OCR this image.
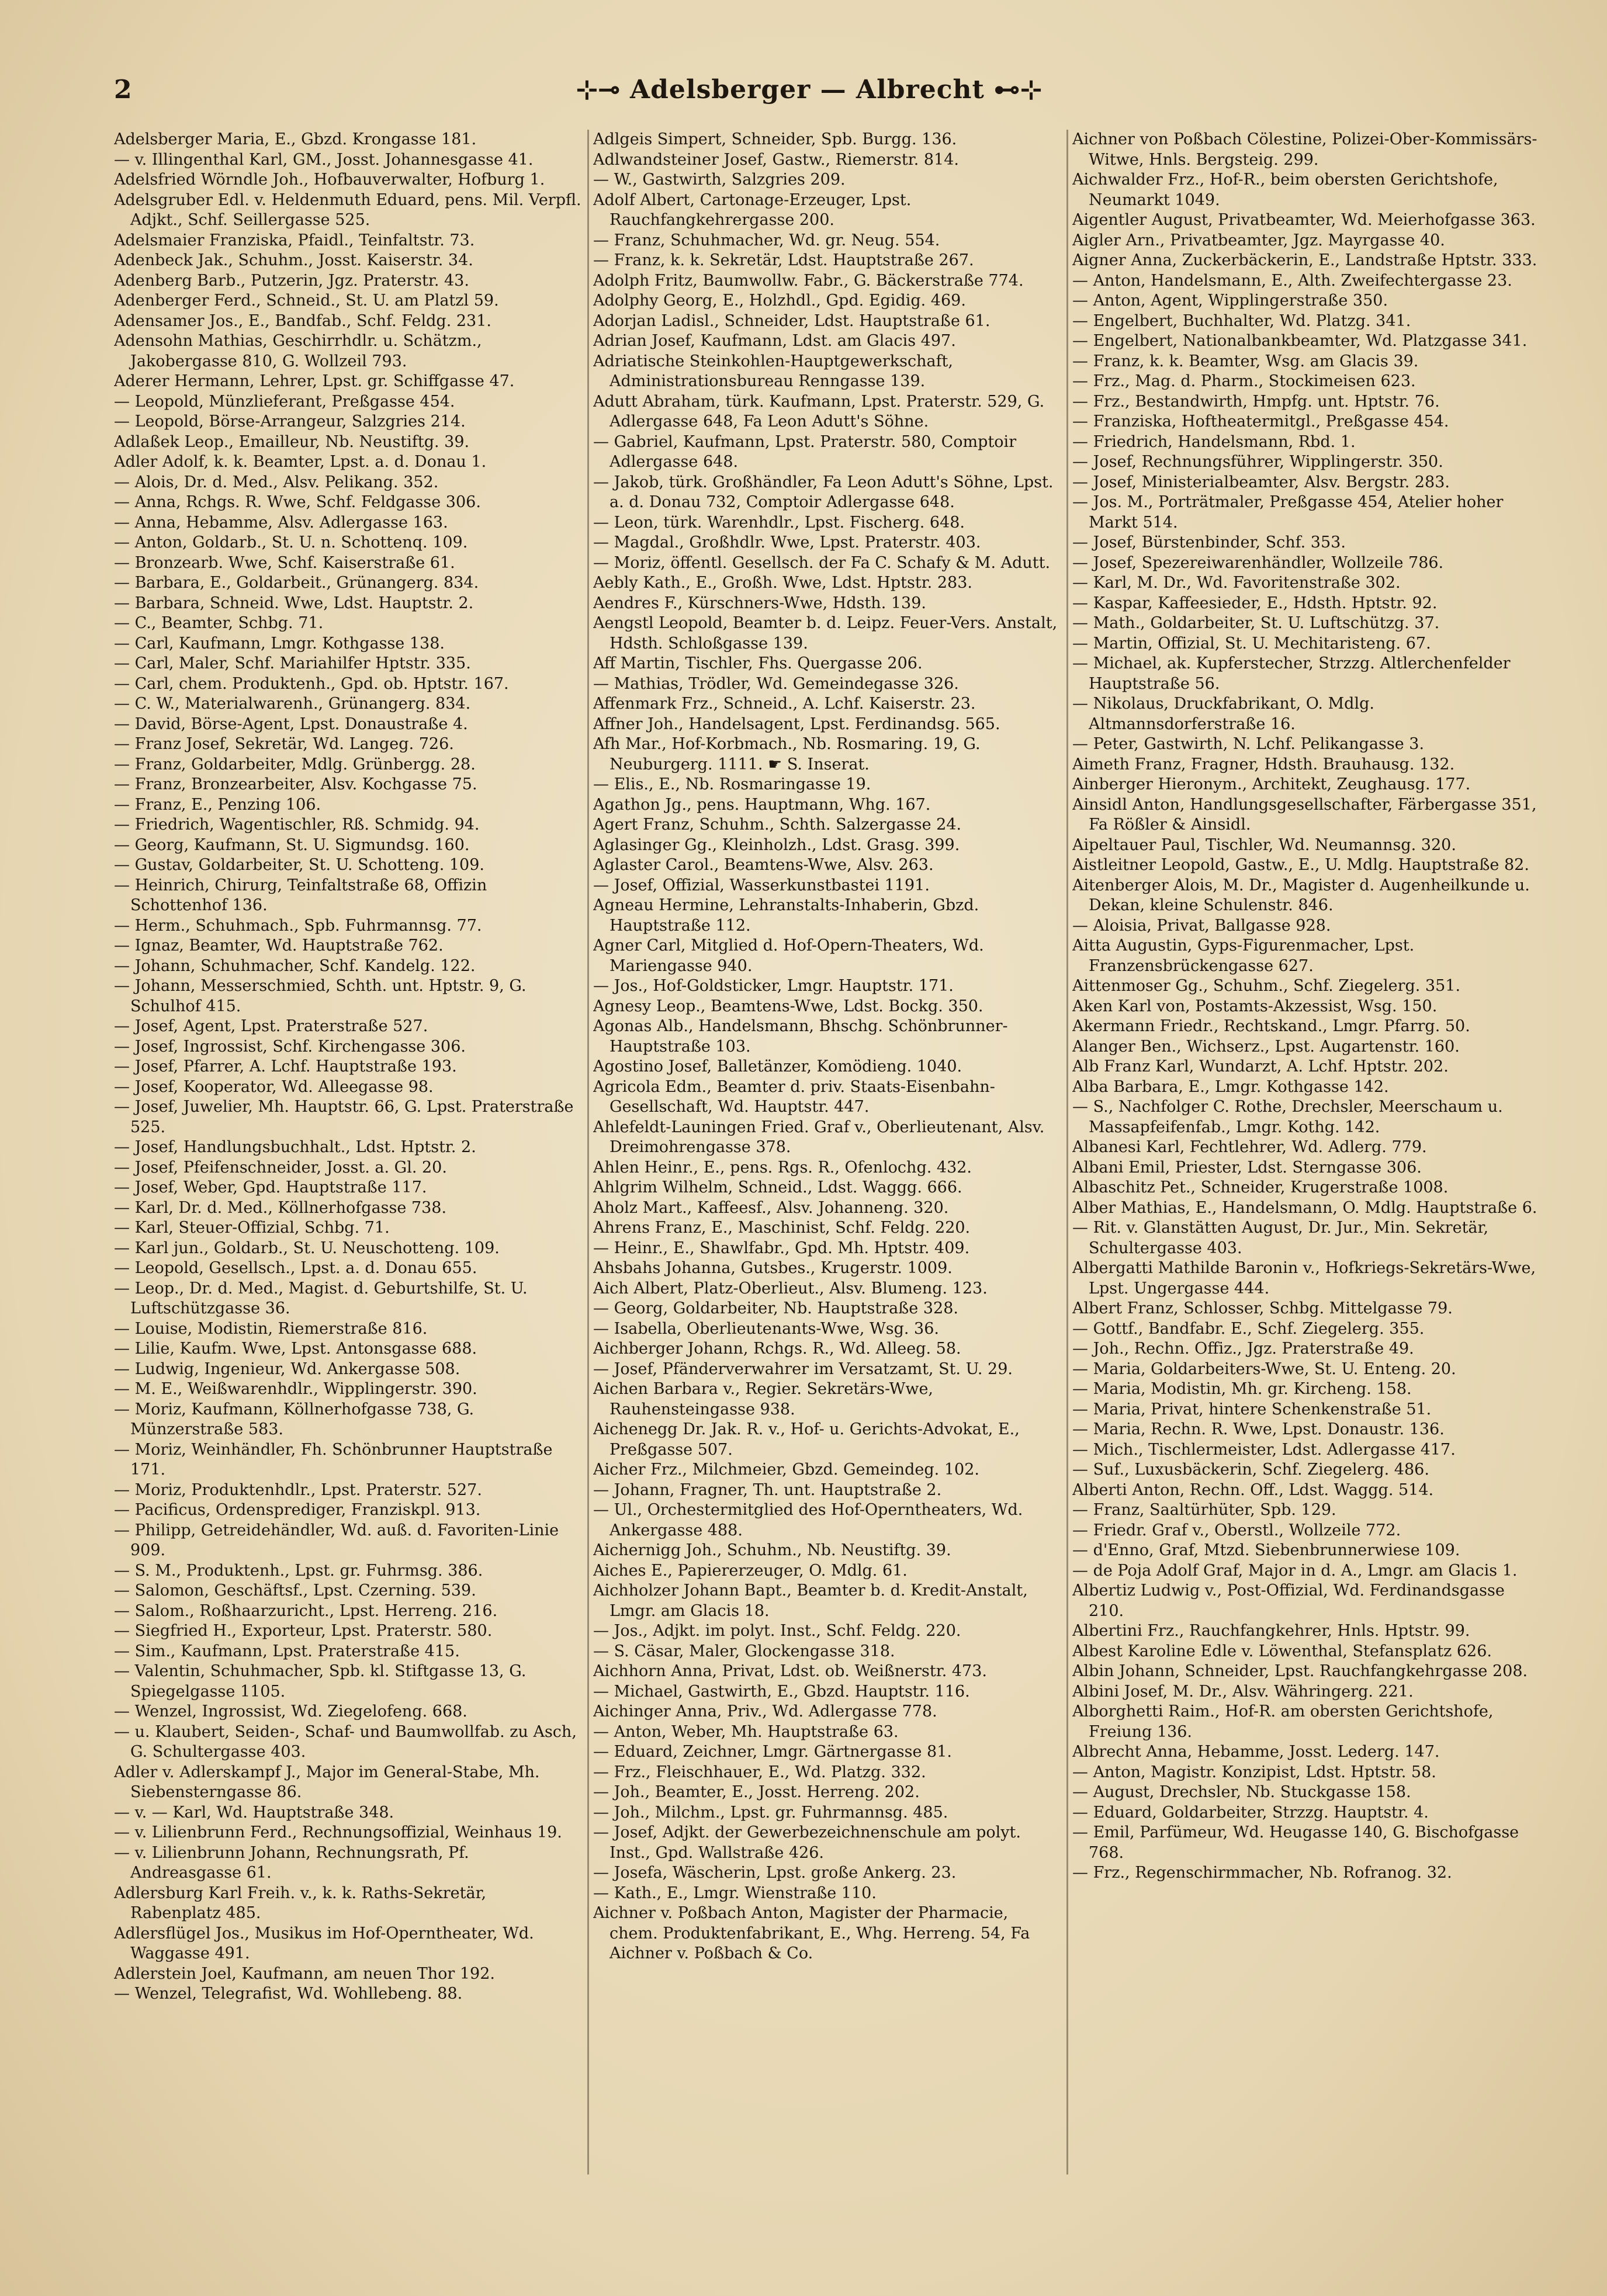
2	⊹⊸ Adelsberger — Albrecht ⊷⊹

Adelsberger Maria, E., Gbzd. Krongasse 181.

— v. Illingenthal Karl, GM., Josst. Johannesgasse 41.

Adelsfried Wörndle Joh., Hofbauverwalter, Hofburg 1.

Adelsgruber Edl. v. Heldenmuth Eduard, pens. Mil. Verpfl. Adjkt., Schf. Seillergasse 525.

Adelsmaier Franziska, Pfaidl., Teinfaltstr. 73.

Adenbeck Jak., Schuhm., Josst. Kaiserstr. 34.

Adenberg Barb., Putzerin, Jgz. Praterstr. 43.

Adenberger Ferd., Schneid., St. U. am Platzl 59.

Adensamer Jos., E., Bandfab., Schf. Feldg. 231.

Adensohn Mathias, Geschirrhdlr. u. Schätzm., Jakobergasse 810, G. Wollzeil 793.

Aderer Hermann, Lehrer, Lpst. gr. Schiffgasse 47.

— Leopold, Münzlieferant, Preßgasse 454.

— Leopold, Börse-Arrangeur, Salzgries 214.

Adlaßek Leop., Emailleur, Nb. Neustiftg. 39.

Adler Adolf, k. k. Beamter, Lpst. a. d. Donau 1.

— Alois, Dr. d. Med., Alsv. Pelikang. 352.

— Anna, Rchgs. R. Wwe, Schf. Feldgasse 306.

— Anna, Hebamme, Alsv. Adlergasse 163.

— Anton, Goldarb., St. U. n. Schottenq. 109.

— Bronzearb. Wwe, Schf. Kaiserstraße 61.

— Barbara, E., Goldarbeit., Grünangerg. 834.

— Barbara, Schneid. Wwe, Ldst. Hauptstr. 2.

— C., Beamter, Schbg. 71.

— Carl, Kaufmann, Lmgr. Kothgasse 138.

— Carl, Maler, Schf. Mariahilfer Hptstr. 335.

— Carl, chem. Produktenh., Gpd. ob. Hptstr. 167.

— C. W., Materialwarenh., Grünangerg. 834.

— David, Börse-Agent, Lpst. Donaustraße 4.

— Franz Josef, Sekretär, Wd. Langeg. 726.

— Franz, Goldarbeiter, Mdlg. Grünbergg. 28.

— Franz, Bronzearbeiter, Alsv. Kochgasse 75.

— Franz, E., Penzing 106.

— Friedrich, Wagentischler, Rß. Schmidg. 94.

— Georg, Kaufmann, St. U. Sigmundsg. 160.

— Gustav, Goldarbeiter, St. U. Schotteng. 109.

— Heinrich, Chirurg, Teinfaltstraße 68, Offizin Schottenhof 136.

— Herm., Schuhmach., Spb. Fuhrmannsg. 77.

— Ignaz, Beamter, Wd. Hauptstraße 762.

— Johann, Schuhmacher, Schf. Kandelg. 122.

— Johann, Messerschmied, Schth. unt. Hptstr. 9, G. Schulhof 415.

— Josef, Agent, Lpst. Praterstraße 527.

— Josef, Ingrossist, Schf. Kirchengasse 306.

— Josef, Pfarrer, A. Lchf. Hauptstraße 193.

— Josef, Kooperator, Wd. Alleegasse 98.

— Josef, Juwelier, Mh. Hauptstr. 66, G. Lpst. Praterstraße 525.

— Josef, Handlungsbuchhalt., Ldst. Hptstr. 2.

— Josef, Pfeifenschneider, Josst. a. Gl. 20.

— Josef, Weber, Gpd. Hauptstraße 117.

— Karl, Dr. d. Med., Köllnerhofgasse 738.

— Karl, Steuer-Offizial, Schbg. 71.

— Karl jun., Goldarb., St. U. Neuschotteng. 109.

— Leopold, Gesellsch., Lpst. a. d. Donau 655.

— Leop., Dr. d. Med., Magist. d. Geburtshilfe, St. U. Luftschützgasse 36.

— Louise, Modistin, Riemerstraße 816.

— Lilie, Kaufm. Wwe, Lpst. Antonsgasse 688.

— Ludwig, Ingenieur, Wd. Ankergasse 508.

— M. E., Weißwarenhdlr., Wipplingerstr. 390.

— Moriz, Kaufmann, Köllnerhofgasse 738, G. Münzerstraße 583.

— Moriz, Weinhändler, Fh. Schönbrunner Hauptstraße 171.

— Moriz, Produktenhdlr., Lpst. Praterstr. 527.

— Pacificus, Ordensprediger, Franziskpl. 913.

— Philipp, Getreidehändler, Wd. auß. d. Favoriten-Linie 909.

— S. M., Produktenh., Lpst. gr. Fuhrmsg. 386.

— Salomon, Geschäftsf., Lpst. Czerning. 539.

— Salom., Roßhaarzuricht., Lpst. Herreng. 216.

— Siegfried H., Exporteur, Lpst. Praterstr. 580.

— Sim., Kaufmann, Lpst. Praterstraße 415.

— Valentin, Schuhmacher, Spb. kl. Stiftgasse 13, G. Spiegelgasse 1105.

— Wenzel, Ingrossist, Wd. Ziegelofeng. 668.

— u. Klaubert, Seiden-, Schaf- und Baumwollfab. zu Asch, G. Schultergasse 403.

Adler v. Adlerskampf J., Major im General-Stabe, Mh. Siebensterngasse 86.

— v. — Karl, Wd. Hauptstraße 348.

— v. Lilienbrunn Ferd., Rechnungsoffizial, Weinhaus 19.

— v. Lilienbrunn Johann, Rechnungsrath, Pf. Andreasgasse 61.

Adlersburg Karl Freih. v., k. k. Raths-Sekretär, Rabenplatz 485.

Adlersflügel Jos., Musikus im Hof-Operntheater, Wd. Waggasse 491.

Adlerstein Joel, Kaufmann, am neuen Thor 192.

— Wenzel, Telegrafist, Wd. Wohllebeng. 88.

Adlgeis Simpert, Schneider, Spb. Burgg. 136.

Adlwandsteiner Josef, Gastw., Riemerstr. 814.

— W., Gastwirth, Salzgries 209.

Adolf Albert, Cartonage-Erzeuger, Lpst. Rauchfangkehrergasse 200.

— Franz, Schuhmacher, Wd. gr. Neug. 554.

— Franz, k. k. Sekretär, Ldst. Hauptstraße 267.

Adolph Fritz, Baumwollw. Fabr., G. Bäckerstraße 774.

Adolphy Georg, E., Holzhdl., Gpd. Egidig. 469.

Adorjan Ladisl., Schneider, Ldst. Hauptstraße 61.

Adrian Josef, Kaufmann, Ldst. am Glacis 497.

Adriatische Steinkohlen-Hauptgewerkschaft, Administrationsbureau Renngasse 139.

Adutt Abraham, türk. Kaufmann, Lpst. Praterstr. 529, G. Adlergasse 648, Fa Leon Adutt's Söhne.

— Gabriel, Kaufmann, Lpst. Praterstr. 580, Comptoir Adlergasse 648.

— Jakob, türk. Großhändler, Fa Leon Adutt's Söhne, Lpst. a. d. Donau 732, Comptoir Adlergasse 648.

— Leon, türk. Warenhdlr., Lpst. Fischerg. 648.

— Magdal., Großhdlr. Wwe, Lpst. Praterstr. 403.

— Moriz, öffentl. Gesellsch. der Fa C. Schafy & M. Adutt.

Aebly Kath., E., Großh. Wwe, Ldst. Hptstr. 283.

Aendres F., Kürschners-Wwe, Hdsth. 139.

Aengstl Leopold, Beamter b. d. Leipz. Feuer-Vers. Anstalt, Hdsth. Schloßgasse 139.

Aff Martin, Tischler, Fhs. Quergasse 206.

— Mathias, Trödler, Wd. Gemeindegasse 326.

Affenmark Frz., Schneid., A. Lchf. Kaiserstr. 23.

Affner Joh., Handelsagent, Lpst. Ferdinandsg. 565.

Afh Mar., Hof-Korbmach., Nb. Rosmaring. 19, G. Neuburgerg. 1111. ☛ S. Inserat.

— Elis., E., Nb. Rosmaringasse 19.

Agathon Jg., pens. Hauptmann, Whg. 167.

Agert Franz, Schuhm., Schth. Salzergasse 24.

Aglasinger Gg., Kleinholzh., Ldst. Grasg. 399.

Aglaster Carol., Beamtens-Wwe, Alsv. 263.

— Josef, Offizial, Wasserkunstbastei 1191.

Agneau Hermine, Lehranstalts-Inhaberin, Gbzd. Hauptstraße 112.

Agner Carl, Mitglied d. Hof-Opern-Theaters, Wd. Mariengasse 940.

— Jos., Hof-Goldsticker, Lmgr. Hauptstr. 171.

Agnesy Leop., Beamtens-Wwe, Ldst. Bockg. 350.

Agonas Alb., Handelsmann, Bhschg. Schönbrunner-Hauptstraße 103.

Agostino Josef, Balletänzer, Komödieng. 1040.

Agricola Edm., Beamter d. priv. Staats-Eisenbahn-Gesellschaft, Wd. Hauptstr. 447.

Ahlefeldt-Launingen Fried. Graf v., Oberlieutenant, Alsv. Dreimohrengasse 378.

Ahlen Heinr., E., pens. Rgs. R., Ofenlochg. 432.

Ahlgrim Wilhelm, Schneid., Ldst. Waggg. 666.

Aholz Mart., Kaffeesf., Alsv. Johanneng. 320.

Ahrens Franz, E., Maschinist, Schf. Feldg. 220.

— Heinr., E., Shawlfabr., Gpd. Mh. Hptstr. 409.

Ahsbahs Johanna, Gutsbes., Krugerstr. 1009.

Aich Albert, Platz-Oberlieut., Alsv. Blumeng. 123.

— Georg, Goldarbeiter, Nb. Hauptstraße 328.

— Isabella, Oberlieutenants-Wwe, Wsg. 36.

Aichberger Johann, Rchgs. R., Wd. Alleeg. 58.

— Josef, Pfänderverwahrer im Versatzamt, St. U. 29.

Aichen Barbara v., Regier. Sekretärs-Wwe, Rauhensteingasse 938.

Aichenegg Dr. Jak. R. v., Hof- u. Gerichts-Advokat, E., Preßgasse 507.

Aicher Frz., Milchmeier, Gbzd. Gemeindeg. 102.

— Johann, Fragner, Th. unt. Hauptstraße 2.

— Ul., Orchestermitglied des Hof-Operntheaters, Wd. Ankergasse 488.

Aichernigg Joh., Schuhm., Nb. Neustiftg. 39.

Aiches E., Papiererzeuger, O. Mdlg. 61.

Aichholzer Johann Bapt., Beamter b. d. Kredit-Anstalt, Lmgr. am Glacis 18.

— Jos., Adjkt. im polyt. Inst., Schf. Feldg. 220.

— S. Cäsar, Maler, Glockengasse 318.

Aichhorn Anna, Privat, Ldst. ob. Weißnerstr. 473.

— Michael, Gastwirth, E., Gbzd. Hauptstr. 116.

Aichinger Anna, Priv., Wd. Adlergasse 778.

— Anton, Weber, Mh. Hauptstraße 63.

— Eduard, Zeichner, Lmgr. Gärtnergasse 81.

— Frz., Fleischhauer, E., Wd. Platzg. 332.

— Joh., Beamter, E., Josst. Herreng. 202.

— Joh., Milchm., Lpst. gr. Fuhrmannsg. 485.

— Josef, Adjkt. der Gewerbezeichnenschule am polyt. Inst., Gpd. Wallstraße 426.

— Josefa, Wäscherin, Lpst. große Ankerg. 23.

— Kath., E., Lmgr. Wienstraße 110.

Aichner v. Poßbach Anton, Magister der Pharmacie, chem. Produktenfabrikant, E., Whg. Herreng. 54, Fa Aichner v. Poßbach & Co.

Aichner von Poßbach Cölestine, Polizei-Ober-Kommissärs-Witwe, Hnls. Bergsteig. 299.

Aichwalder Frz., Hof-R., beim obersten Gerichtshofe, Neumarkt 1049.

Aigentler August, Privatbeamter, Wd. Meierhofgasse 363.

Aigler Arn., Privatbeamter, Jgz. Mayrgasse 40.

Aigner Anna, Zuckerbäckerin, E., Landstraße Hptstr. 333.

— Anton, Handelsmann, E., Alth. Zweifechtergasse 23.

— Anton, Agent, Wipplingerstraße 350.

— Engelbert, Buchhalter, Wd. Platzg. 341.

— Engelbert, Nationalbankbeamter, Wd. Platzgasse 341.

— Franz, k. k. Beamter, Wsg. am Glacis 39.

— Frz., Mag. d. Pharm., Stockimeisen 623.

— Frz., Bestandwirth, Hmpfg. unt. Hptstr. 76.

— Franziska, Hoftheatermitgl., Preßgasse 454.

— Friedrich, Handelsmann, Rbd. 1.

— Josef, Rechnungsführer, Wipplingerstr. 350.

— Josef, Ministerialbeamter, Alsv. Bergstr. 283.

— Jos. M., Porträtmaler, Preßgasse 454, Atelier hoher Markt 514.

— Josef, Bürstenbinder, Schf. 353.

— Josef, Spezereiwarenhändler, Wollzeile 786.

— Karl, M. Dr., Wd. Favoritenstraße 302.

— Kaspar, Kaffeesieder, E., Hdsth. Hptstr. 92.

— Math., Goldarbeiter, St. U. Luftschützg. 37.

— Martin, Offizial, St. U. Mechitaristeng. 67.

— Michael, ak. Kupferstecher, Strzzg. Altlerchenfelder Hauptstraße 56.

— Nikolaus, Druckfabrikant, O. Mdlg. Altmannsdorferstraße 16.

— Peter, Gastwirth, N. Lchf. Pelikangasse 3.

Aimeth Franz, Fragner, Hdsth. Brauhausg. 132.

Ainberger Hieronym., Architekt, Zeughausg. 177.

Ainsidl Anton, Handlungsgesellschafter, Färbergasse 351, Fa Rößler & Ainsidl.

Aipeltauer Paul, Tischler, Wd. Neumannsg. 320.

Aistleitner Leopold, Gastw., E., U. Mdlg. Hauptstraße 82.

Aitenberger Alois, M. Dr., Magister d. Augenheilkunde u. Dekan, kleine Schulenstr. 846.

— Aloisia, Privat, Ballgasse 928.

Aitta Augustin, Gyps-Figurenmacher, Lpst. Franzensbrückengasse 627.

Aittenmoser Gg., Schuhm., Schf. Ziegelerg. 351.

Aken Karl von, Postamts-Akzessist, Wsg. 150.

Akermann Friedr., Rechtskand., Lmgr. Pfarrg. 50.

Alanger Ben., Wichserz., Lpst. Augartenstr. 160.

Alb Franz Karl, Wundarzt, A. Lchf. Hptstr. 202.

Alba Barbara, E., Lmgr. Kothgasse 142.

— S., Nachfolger C. Rothe, Drechsler, Meerschaum u. Massapfeifenfab., Lmgr. Kothg. 142.

Albanesi Karl, Fechtlehrer, Wd. Adlerg. 779.

Albani Emil, Priester, Ldst. Sterngasse 306.

Albaschitz Pet., Schneider, Krugerstraße 1008.

Alber Mathias, E., Handelsmann, O. Mdlg. Hauptstraße 6.

— Rit. v. Glanstätten August, Dr. Jur., Min. Sekretär, Schultergasse 403.

Albergatti Mathilde Baronin v., Hofkriegs-Sekretärs-Wwe, Lpst. Ungergasse 444.

Albert Franz, Schlosser, Schbg. Mittelgasse 79.

— Gottf., Bandfabr. E., Schf. Ziegelerg. 355.

— Joh., Rechn. Offiz., Jgz. Praterstraße 49.

— Maria, Goldarbeiters-Wwe, St. U. Enteng. 20.

— Maria, Modistin, Mh. gr. Kircheng. 158.

— Maria, Privat, hintere Schenkenstraße 51.

— Maria, Rechn. R. Wwe, Lpst. Donaustr. 136.

— Mich., Tischlermeister, Ldst. Adlergasse 417.

— Suf., Luxusbäckerin, Schf. Ziegelerg. 486.

Alberti Anton, Rechn. Off., Ldst. Waggg. 514.

— Franz, Saaltürhüter, Spb. 129.

— Friedr. Graf v., Oberstl., Wollzeile 772.

— d'Enno, Graf, Mtzd. Siebenbrunnerwiese 109.

— de Poja Adolf Graf, Major in d. A., Lmgr. am Glacis 1.

Albertiz Ludwig v., Post-Offizial, Wd. Ferdinandsgasse 210.

Albertini Frz., Rauchfangkehrer, Hnls. Hptstr. 99.

Albest Karoline Edle v. Löwenthal, Stefansplatz 626.

Albin Johann, Schneider, Lpst. Rauchfangkehrgasse 208.

Albini Josef, M. Dr., Alsv. Währingerg. 221.

Alborghetti Raim., Hof-R. am obersten Gerichtshofe, Freiung 136.

Albrecht Anna, Hebamme, Josst. Lederg. 147.

— Anton, Magistr. Konzipist, Ldst. Hptstr. 58.

— August, Drechsler, Nb. Stuckgasse 158.

— Eduard, Goldarbeiter, Strzzg. Hauptstr. 4.

— Emil, Parfümeur, Wd. Heugasse 140, G. Bischofgasse 768.

— Frz., Regenschirmmacher, Nb. Rofranog. 32.
